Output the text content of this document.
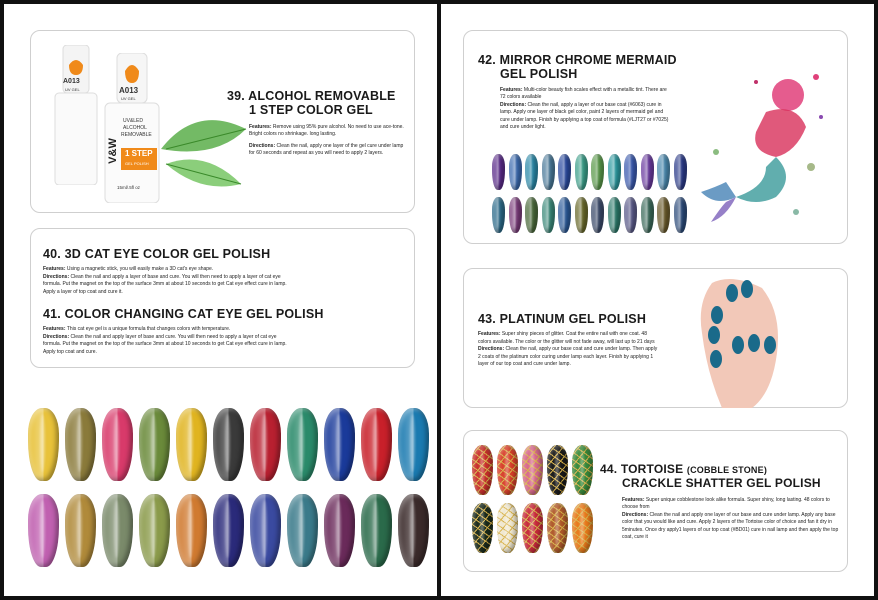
A013
UV GEL	A013
UV GEL
V&W
UV&LED
ALCOHOL
REMOVABLE
1 STEP
GEL POLISH
15ml/.5fl oz
39. ALCOHOL REMOVABLE
1 STEP COLOR GEL

Features: Remove using 95% pure alcohol. No need to use ace-tone. Bright colors no shrinkage. long lasting.

Directions: Clean the nail, apply one layer of the gel cure under lamp for 60 seconds and repeat as you will need to apply 2 layers.

40. 3D CAT EYE COLOR GEL POLISH

Features: Using a magnetic stick, you will easily make a 3D cat's eye shape.

Directions: Clean the nail and apply a layer of base and cure. You will then need to apply a layer of cat eye formula. Put the magnet on the top of the surface 3mm at about 10 seconds to get Cat eye effect cure in lamp. Apply a layer of top coat and cure it.

41. COLOR CHANGING CAT EYE GEL POLISH

Features: This cat eye gel is a unique formula that changes colors with temperature.

Directions: Clean the nail and apply layer of base and cure. You will then need to apply a layer of cat eye formula. Put the magnet on the top of the surface 3mm at about 10 seconds to get Cat eye effect cure in lamp. Apply top coat and cure.

42. MIRROR CHROME MERMAID
GEL POLISH

Features: Multi-color beauty fish scales effect with a metallic tint. There are 72 colors available

Directions: Clean the nail, apply a layer of our base coat (#6063) cure in lamp. Apply one layer of black gel color, paint 2 layers of mermaid gel and cure under lamp. Finish by applying a top coat of formula (#LJT27 or #7025) and cure under light.

43. PLATINUM GEL POLISH

Features: Super shiny pieces of glitter. Coat the entire nail with one coat. 48 colors available. The color or the glitter will not fade away, will last up to 21 days

Directions: Clean the nail, apply our base coat and cure under lamp. Then apply 2 coats of the platinum color curing under lamp each layer. Finish by applying 1 layer of our top coat and cure under lamp.

44. TORTOISE (COBBLE STONE)
CRACKLE SHATTER GEL POLISH

Features: Super unique cobblestone look alike formula. Super shiny, long lasting. 48 colors to choose from

Directions: Clean the nail and apply one layer of our base and cure under lamp. Apply any base color that you would like and cure. Apply 2 layers of the Tortoise color of choice and fan it dry in 5minutes. Once dry apply1 layers of our top coat (#BD01) cure in nail lamp and then apply the top coat, cure it
